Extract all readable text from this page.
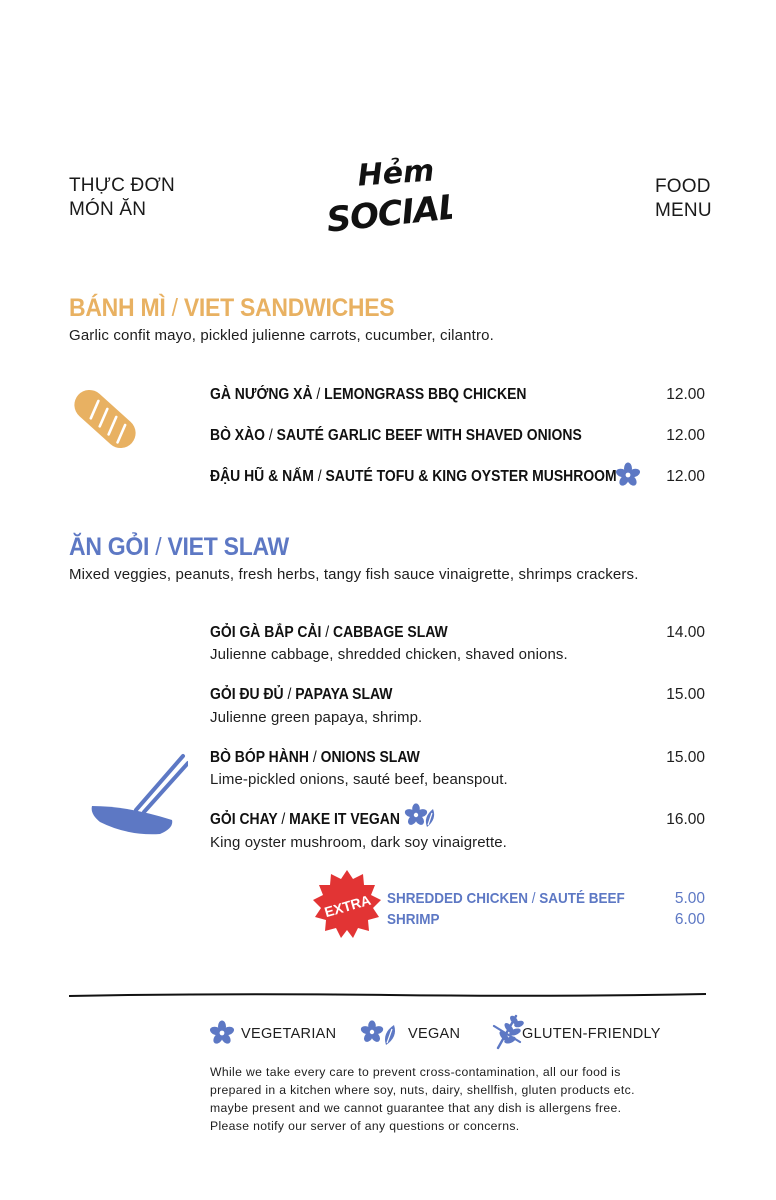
THỰC ĐƠN
MÓN ĂN
FOOD
MENU
Hẻm
SOCIAL
BÁNH MÌ / VIET SANDWICHES
Garlic confit mayo, pickled julienne carrots, cucumber, cilantro.
GÀ NƯỚNG XẢ / LEMONGRASS BBQ CHICKEN	12.00
BÒ XÀO / SAUTÉ GARLIC BEEF WITH SHAVED ONIONS	12.00
ĐẬU HŨ & NẤM / SAUTÉ TOFU & KING OYSTER MUSHROOM	12.00
ĂN GỎI / VIET SLAW
Mixed veggies, peanuts, fresh herbs, tangy fish sauce vinaigrette, shrimps crackers.
GỎI GÀ BẮP CẢI / CABBAGE SLAW	14.00
Julienne cabbage, shredded chicken, shaved onions.
GỎI ĐU ĐỦ / PAPAYA SLAW	15.00
Julienne green papaya, shrimp.
BÒ BÓP HÀNH / ONIONS SLAW	15.00
Lime-pickled onions, sauté beef, beanspout.
GỎI CHAY / MAKE IT VEGAN	16.00
King oyster mushroom, dark soy vinaigrette.
EXTRA SHREDDED CHICKEN / SAUTÉ BEEF	5.00
SHRIMP	6.00
VEGETARIAN	VEGAN	GLUTEN-FRIENDLY
While we take every care to prevent cross-contamination, all our food is
prepared in a kitchen where soy, nuts, dairy, shellfish, gluten products etc.
maybe present and we cannot guarantee that any dish is allergens free.
Please notify our server of any questions or concerns.
